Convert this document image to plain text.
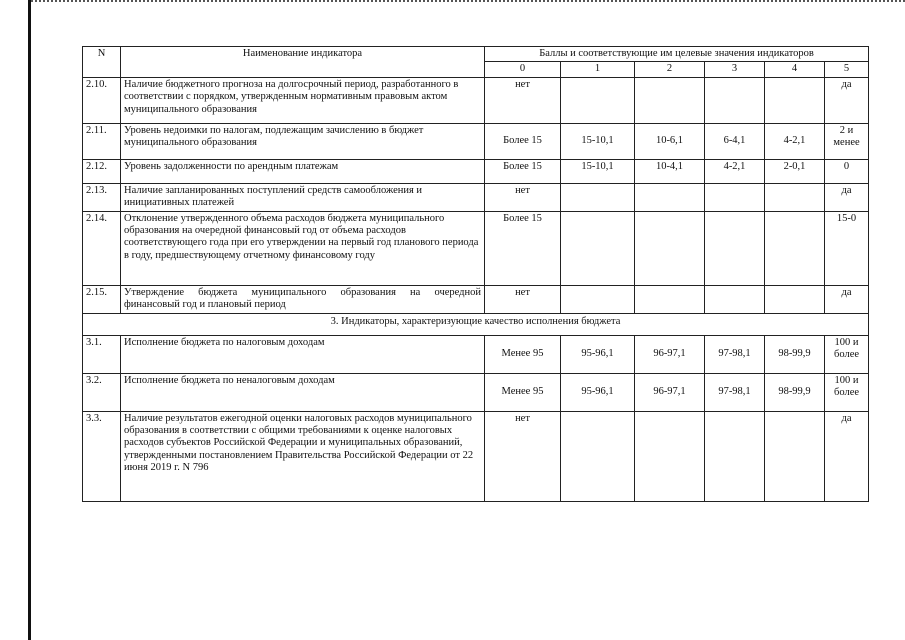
N	Наименование индикатора	Баллы и соответствующие им целевые значения индикаторов					
		0	1	2	3	4	5
2.10.	Наличие бюджетного прогноза на долгосрочный период, разработанного в соответствии с порядком, утвержденным нормативным правовым актом муниципального образования	нет					да
2.11.	Уровень недоимки по налогам, подлежащим зачислению в бюджет муниципального образования	Более 15	15-10,1	10-6,1	6-4,1	4-2,1	2 и менее
2.12.	Уровень задолженности по арендным платежам	Более 15	15-10,1	10-4,1	4-2,1	2-0,1	0
2.13.	Наличие запланированных поступлений средств самообложения и инициативных платежей	нет					да
2.14.	Отклонение утвержденного объема расходов бюджета муниципального образования на очередной финансовый год от объема расходов соответствующего года при его утверждении на первый год планового периода в году, предшествующему отчетному финансовому году	Более 15					15-0
2.15.	Утверждение бюджета муниципального образования на очередной финансовый год и плановый период	нет					да
3. Индикаторы, характеризующие качество исполнения бюджета							
3.1.	Исполнение бюджета по налоговым доходам	Менее 95	95-96,1	96-97,1	97-98,1	98-99,9	100 и более
3.2.	Исполнение бюджета по неналоговым доходам	Менее 95	95-96,1	96-97,1	97-98,1	98-99,9	100 и более
3.3.	Наличие результатов ежегодной оценки налоговых расходов муниципального образования в соответствии с общими требованиями к оценке налоговых расходов субъектов Российской Федерации и муниципальных образований, утвержденными постановлением Правительства Российской Федерации от 22 июня 2019 г. N 796	нет					да
